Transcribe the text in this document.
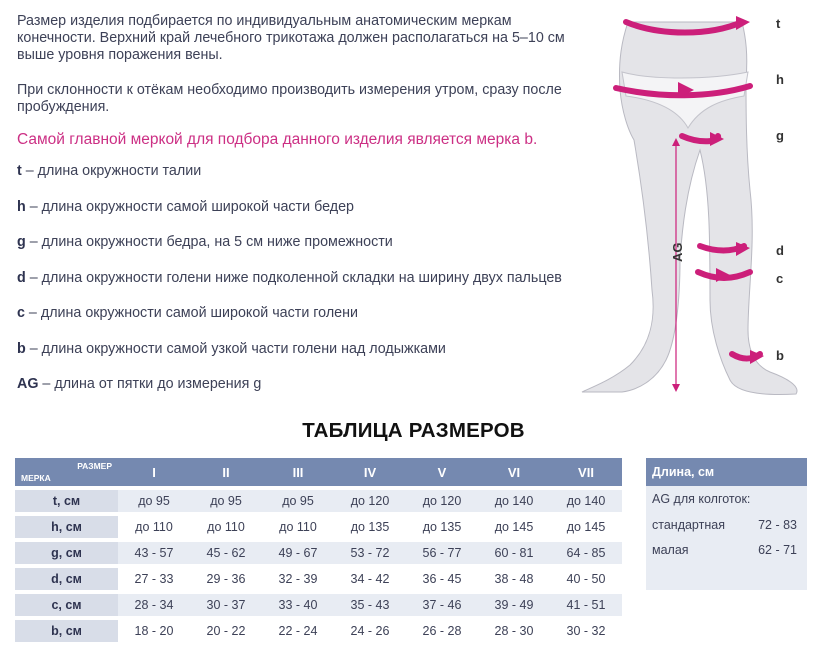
Размер изделия подбирается по индивидуальным анатомическим меркам конечности. Верхний край лечебного трикотажа должен располагаться на 5–10 см выше уровня поражения вены.

При склонности к отёкам необходимо производить измерения утром, сразу после пробуждения.

Самой главной меркой для подбора данного изделия является мерка b.

t – длина окружности талии

h – длина окружности самой широкой части бедер

g – длина окружности бедра, на 5 см ниже промежности

d – длина окружности голени ниже подколенной складки на ширину двух пальцев

c – длина окружности самой широкой части голени

b – длина окружности самой узкой части голени над лодыжками

AG – длина от пятки до измерения g

AG
t
h
g
d
c
b

ТАБЛИЦА РАЗМЕРОВ

РАЗМЕР
МЕРКА	I	II	III	IV	V	VI	VII
t, см	до 95	до 95	до 95	до 120	до 120	до 140	до 140
h, см	до 110	до 110	до 110	до 135	до 135	до 145	до 145
g, см	43 - 57	45 - 62	49 - 67	53 - 72	56 - 77	60 - 81	64 - 85
d, см	27 - 33	29 - 36	32 - 39	34 - 42	36 - 45	38 - 48	40 - 50
c, см	28 - 34	30 - 37	33 - 40	35 - 43	37 - 46	39 - 49	41 - 51
b, см	18 - 20	20 - 22	22 - 24	24 - 26	26 - 28	28 - 30	30 - 32
Длина, см
AG для колготок:
стандартная	72 - 83
малая	62 - 71
